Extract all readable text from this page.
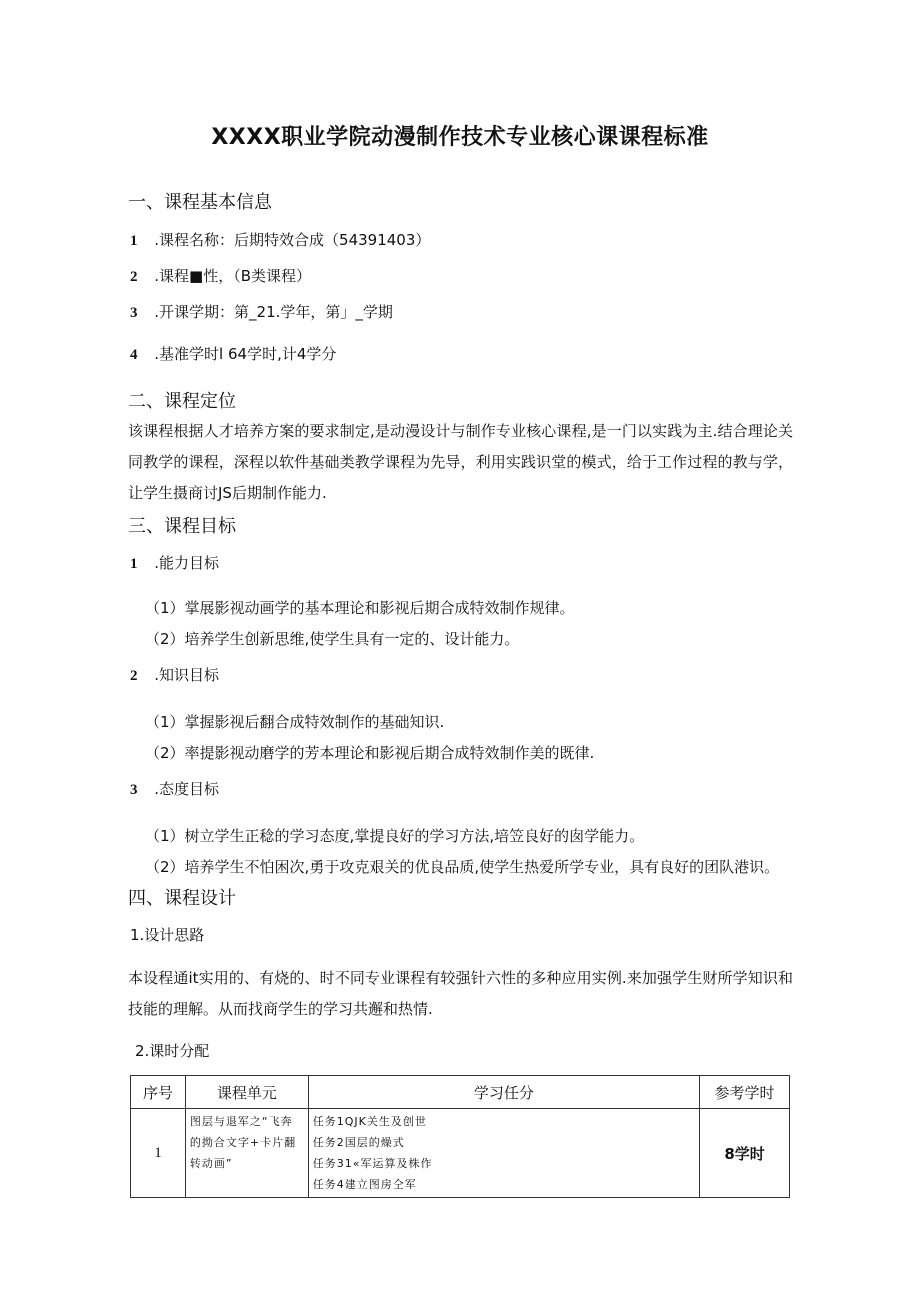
XXXX职业学院动漫制作技术专业核心课课程标准
一、课程基本信息
1 .课程名称：后期特效合成（54391403）
2 .课程■性，（B类课程）
3 .开课学期：第_21.学年，第」_学期
4 .基准学时l 64学时,计4学分
二、课程定位
该课程根据人才培养方案的要求制定,是动漫设计与制作专业核心课程,是一门以实践为主.结合理论关同教学的课程，深程以软件基础类教学课程为先导，利用实践识堂的模式，给于工作过程的教与学，让学生摄商讨JS后期制作能力.
三、课程目标
1 .能力目标
（1）掌展影视动画学的基本理论和影视后期合成特效制作规律。
（2）培养学生创新思维,使学生具有一定的、设计能力。
2 .知识目标
（1）掌握影视后翻合成特效制作的基础知识.
（2）率提影视动磨学的芳本理论和影视后期合成特效制作美的既律.
3 .态度目标
（1）树立学生正稔的学习态度,掌提良好的学习方法,培笠良好的囱学能力。
（2）培养学生不怕困次,勇于攻克艰关的优良品质,使学生热爱所学专业，具有良好的团队港识。
四、课程设计
1.设计思路
本设程通it实用的、有烧的、时不同专业课程有较强针六性的多种应用实例.来加强学生财所学知识和技能的理解。从而找商学生的学习共邂和热情.
2.课时分配
序号	课程单元	学习任分	参考学时
1	图层与退军之“飞奔的拗合文字+卡片翻转动画”	任务1QJK关生及创世
任务2国层的燥式
任务31«军运算及株作
任务4建立图房仝军	8学时
